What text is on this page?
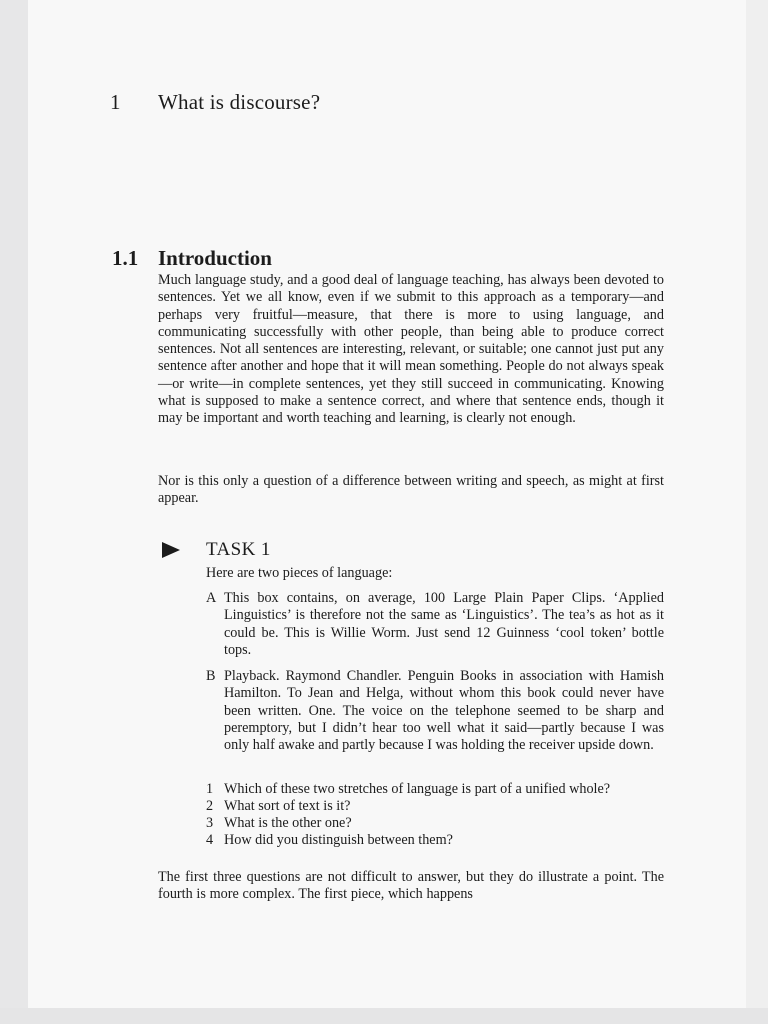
1 What is discourse?
1.1 Introduction

Much language study, and a good deal of language teaching, has always been devoted to sentences. Yet we all know, even if we submit to this approach as a temporary—and perhaps very fruitful—measure, that there is more to using language, and communicating successfully with other people, than being able to produce correct sentences. Not all sentences are interesting, relevant, or suitable; one cannot just put any sentence after another and hope that it will mean something. People do not always speak—or write—in complete sentences, yet they still succeed in communicating. Knowing what is supposed to make a sentence correct, and where that sentence ends, though it may be important and worth teaching and learning, is clearly not enough.

Nor is this only a question of a difference between writing and speech, as might at first appear.

TASK 1
Here are two pieces of language:
A This box contains, on average, 100 Large Plain Paper Clips. ‘Applied Linguistics’ is therefore not the same as ‘Linguistics’. The tea’s as hot as it could be. This is Willie Worm. Just send 12 Guinness ‘cool token’ bottle tops.

B Playback. Raymond Chandler. Penguin Books in association with Hamish Hamilton. To Jean and Helga, without whom this book could never have been written. One. The voice on the telephone seemed to be sharp and peremptory, but I didn’t hear too well what it said—partly because I was only half awake and partly because I was holding the receiver upside down.

1 Which of these two stretches of language is part of a unified whole?
2 What sort of text is it?
3 What is the other one?
4 How did you distinguish between them?

The first three questions are not difficult to answer, but they do illustrate a point. The fourth is more complex. The first piece, which happens
